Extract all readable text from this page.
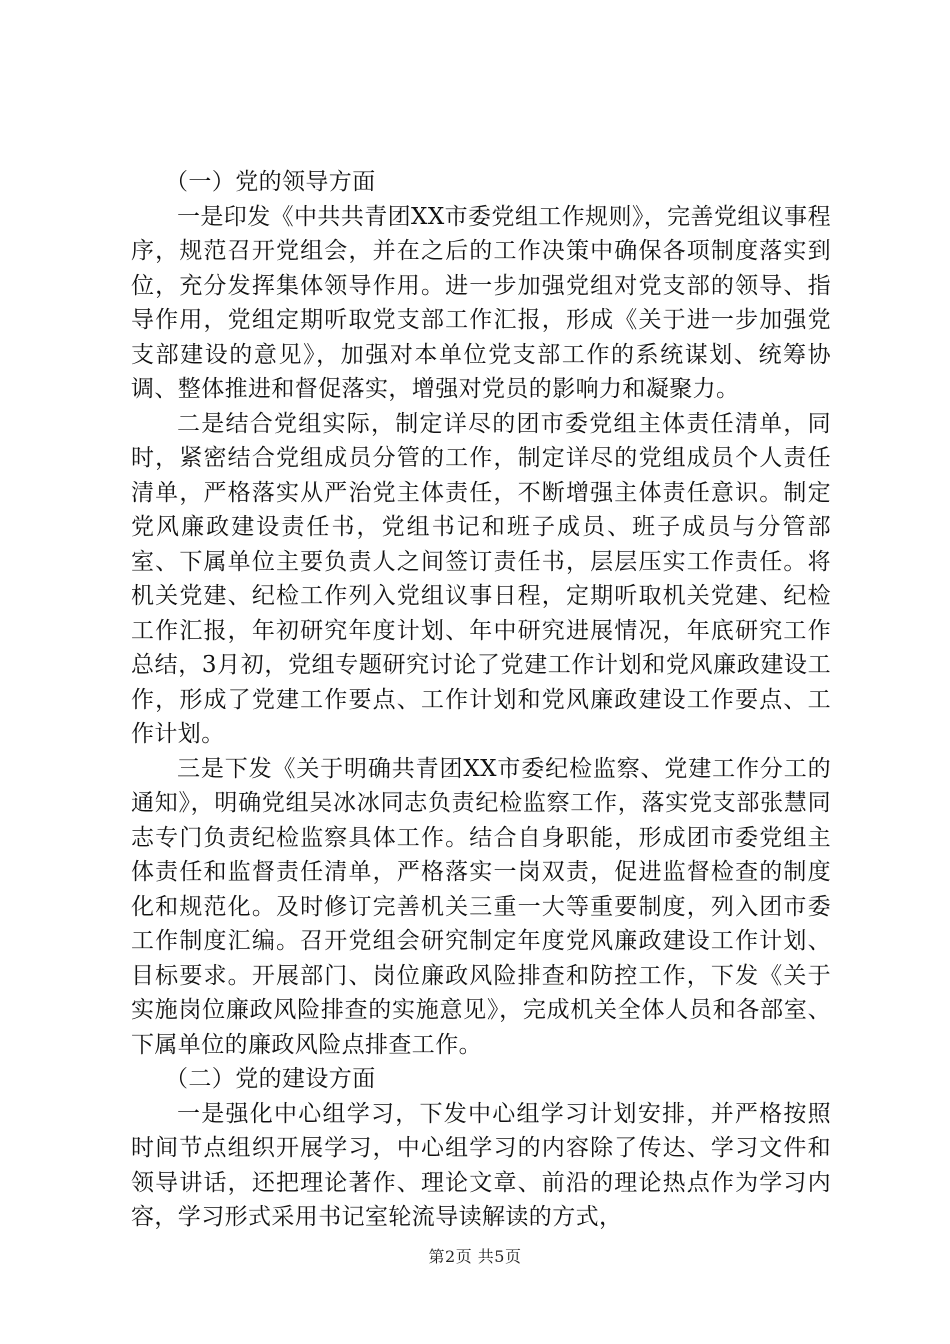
（一）党的领导方面

一是印发《中共共青团XX市委党组工作规则》，完善党组议事程序，规范召开党组会，并在之后的工作决策中确保各项制度落实到位，充分发挥集体领导作用。进一步加强党组对党支部的领导、指导作用，党组定期听取党支部工作汇报，形成《关于进一步加强党支部建设的意见》，加强对本单位党支部工作的系统谋划、统筹协调、整体推进和督促落实，增强对党员的影响力和凝聚力。

二是结合党组实际，制定详尽的团市委党组主体责任清单，同时，紧密结合党组成员分管的工作，制定详尽的党组成员个人责任清单，严格落实从严治党主体责任，不断增强主体责任意识。制定党风廉政建设责任书，党组书记和班子成员、班子成员与分管部室、下属单位主要负责人之间签订责任书，层层压实工作责任。将机关党建、纪检工作列入党组议事日程，定期听取机关党建、纪检工作汇报，年初研究年度计划、年中研究进展情况，年底研究工作总结，3月初，党组专题研究讨论了党建工作计划和党风廉政建设工作，形成了党建工作要点、工作计划和党风廉政建设工作要点、工作计划。

三是下发《关于明确共青团XX市委纪检监察、党建工作分工的通知》，明确党组吴冰冰同志负责纪检监察工作，落实党支部张慧同志专门负责纪检监察具体工作。结合自身职能，形成团市委党组主体责任和监督责任清单，严格落实一岗双责，促进监督检查的制度化和规范化。及时修订完善机关三重一大等重要制度，列入团市委工作制度汇编。召开党组会研究制定年度党风廉政建设工作计划、目标要求。开展部门、岗位廉政风险排查和防控工作，下发《关于实施岗位廉政风险排查的实施意见》，完成机关全体人员和各部室、下属单位的廉政风险点排查工作。

（二）党的建设方面

一是强化中心组学习，下发中心组学习计划安排，并严格按照时间节点组织开展学习，中心组学习的内容除了传达、学习文件和领导讲话，还把理论著作、理论文章、前沿的理论热点作为学习内容，学习形式采用书记室轮流导读解读的方式，

第2页 共5页
